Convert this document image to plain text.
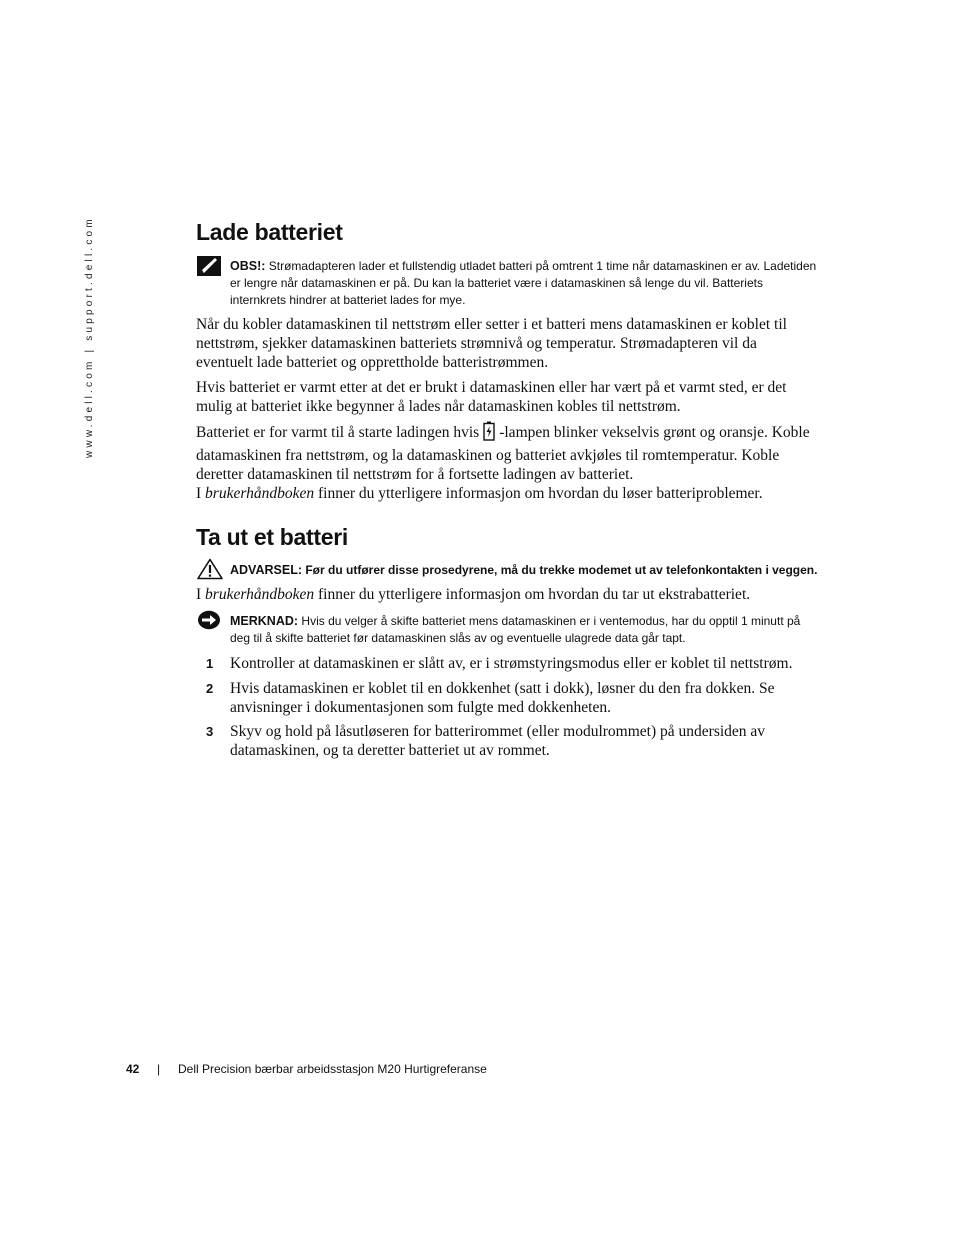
www.dell.com | support.dell.com	Lade batteriet
OBS!: Strømadapteren lader et fullstendig utladet batteri på omtrent 1 time når datamaskinen er av. Ladetiden er lengre når datamaskinen er på. Du kan la batteriet være i datamaskinen så lenge du vil. Batteriets internkrets hindrer at batteriet lades for mye.

Når du kobler datamaskinen til nettstrøm eller setter i et batteri mens datamaskinen er koblet til nettstrøm, sjekker datamaskinen batteriets strømnivå og temperatur. Strømadapteren vil da eventuelt lade batteriet og opprettholde batteristrømmen.

Hvis batteriet er varmt etter at det er brukt i datamaskinen eller har vært på et varmt sted, er det mulig at batteriet ikke begynner å lades når datamaskinen kobles til nettstrøm.

Batteriet er for varmt til å starte ladingen hvis -lampen blinker vekselvis grønt og oransje. Koble datamaskinen fra nettstrøm, og la datamaskinen og batteriet avkjøles til romtemperatur. Koble deretter datamaskinen til nettstrøm for å fortsette ladingen av batteriet.

I brukerhåndboken finner du ytterligere informasjon om hvordan du løser batteriproblemer.

Ta ut et batteri
ADVARSEL: Før du utfører disse prosedyrene, må du trekke modemet ut av telefonkontakten i veggen.

I brukerhåndboken finner du ytterligere informasjon om hvordan du tar ut ekstrabatteriet.

MERKNAD: Hvis du velger å skifte batteriet mens datamaskinen er i ventemodus, har du opptil 1 minutt på deg til å skifte batteriet før datamaskinen slås av og eventuelle ulagrede data går tapt.
1 Kontroller at datamaskinen er slått av, er i strømstyringsmodus eller er koblet til nettstrøm.

2 Hvis datamaskinen er koblet til en dokkenhet (satt i dokk), løsner du den fra dokken. Se anvisninger i dokumentasjonen som fulgte med dokkenheten.

3 Skyv og hold på låsutløseren for batterirommet (eller modulrommet) på undersiden av datamaskinen, og ta deretter batteriet ut av rommet.

42 | Dell Precision bærbar arbeidsstasjon M20 Hurtigreferanse
